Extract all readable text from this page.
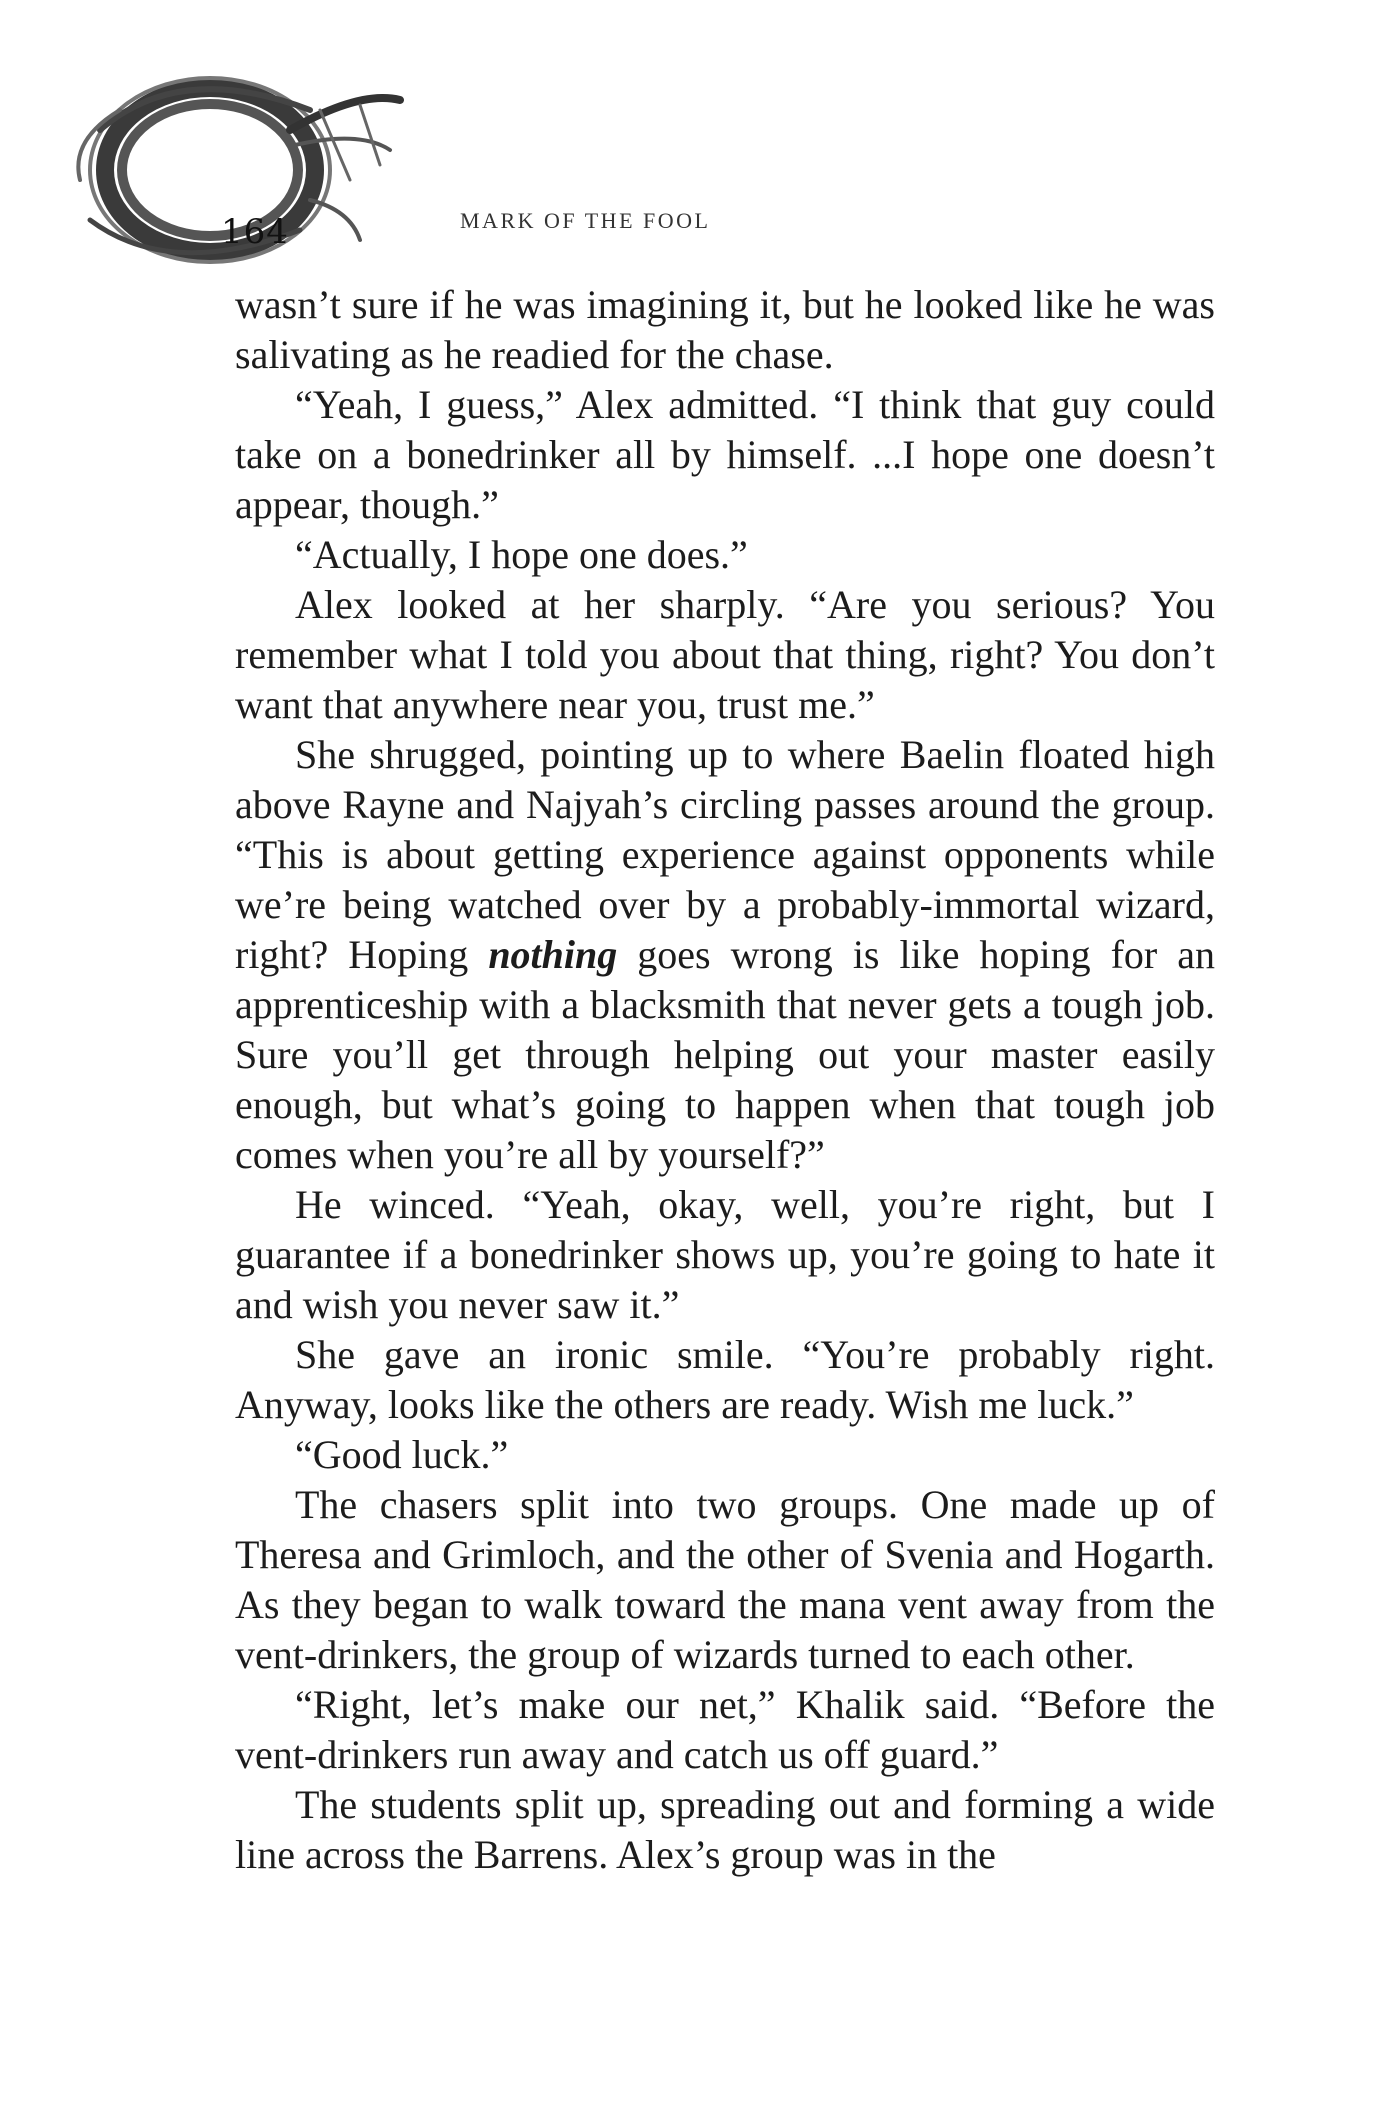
164	MARK OF THE FOOL

wasn’t sure if he was imagining it, but he looked like he was salivating as he readied for the chase.

“Yeah, I guess,” Alex admitted. “I think that guy could take on a bonedrinker all by himself. ...I hope one doesn’t appear, though.”

“Actually, I hope one does.”

Alex looked at her sharply. “Are you serious? You remember what I told you about that thing, right? You don’t want that anywhere near you, trust me.”

She shrugged, pointing up to where Baelin floated high above Rayne and Najyah’s circling passes around the group. “This is about getting experience against opponents while we’re being watched over by a probably-immortal wizard, right? Hoping nothing goes wrong is like hoping for an apprenticeship with a blacksmith that never gets a tough job. Sure you’ll get through helping out your master easily enough, but what’s going to happen when that tough job comes when you’re all by yourself?”

He winced. “Yeah, okay, well, you’re right, but I guarantee if a bonedrinker shows up, you’re going to hate it and wish you never saw it.”

She gave an ironic smile. “You’re probably right. Anyway, looks like the others are ready. Wish me luck.”

“Good luck.”

The chasers split into two groups. One made up of Theresa and Grimloch, and the other of Svenia and Hogarth. As they began to walk toward the mana vent away from the vent-drinkers, the group of wizards turned to each other.

“Right, let’s make our net,” Khalik said. “Before the vent-drinkers run away and catch us off guard.”

The students split up, spreading out and forming a wide line across the Barrens. Alex’s group was in the
